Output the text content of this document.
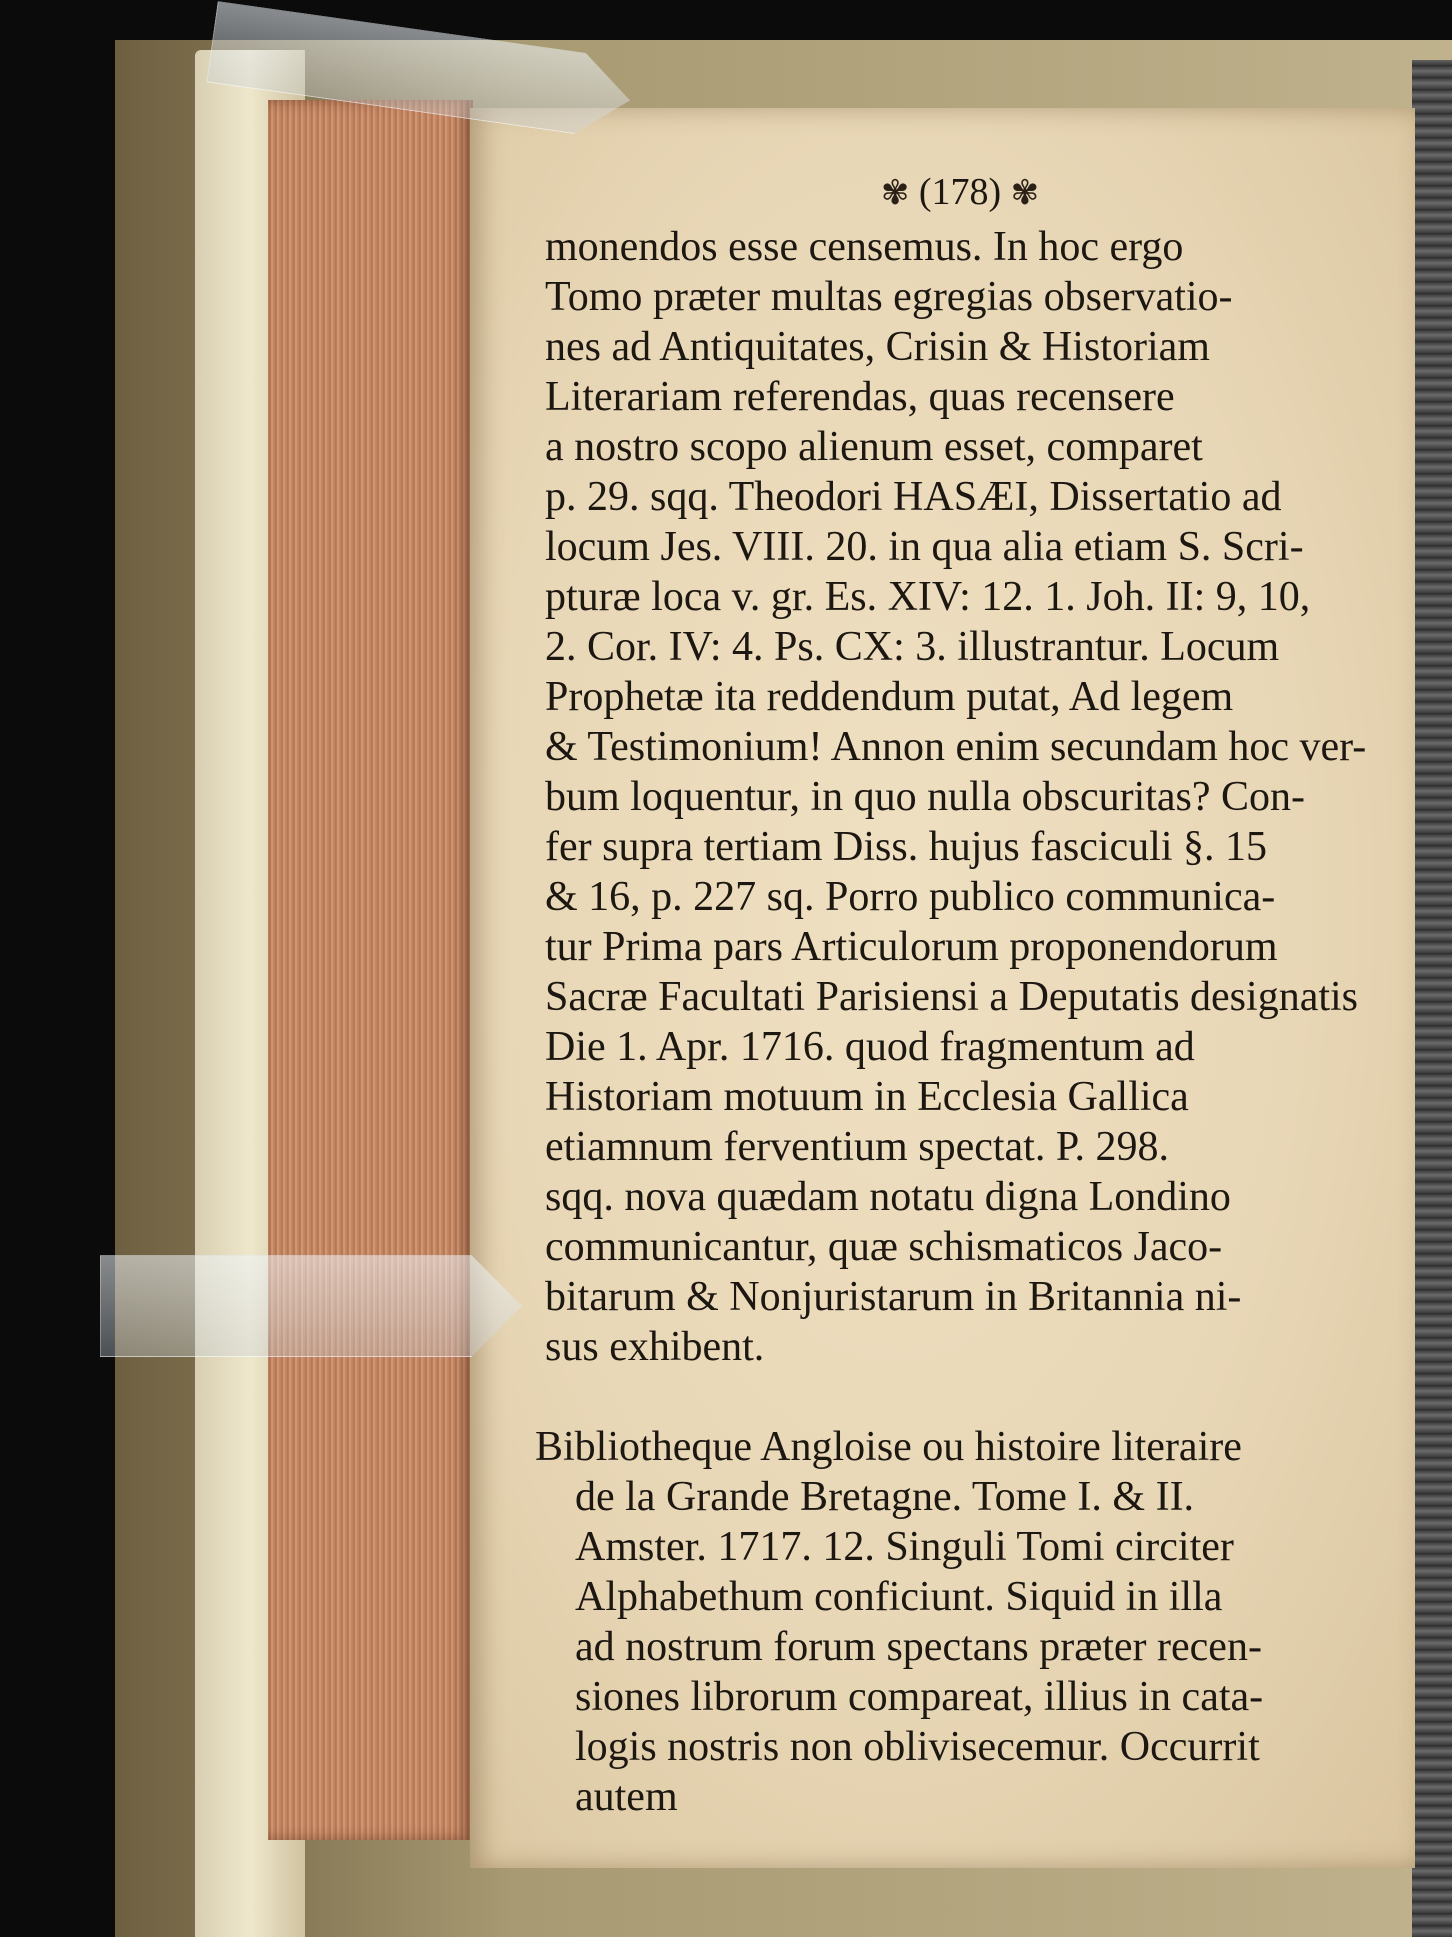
✾ (178) ✾
monendos esse censemus. In hoc ergo
Tomo præter multas egregias observatio-
nes ad Antiquitates, Crisin & Historiam
Literariam referendas, quas recensere
a nostro scopo alienum esset, comparet
p. 29. sqq. Theodori HASÆI, Dissertatio ad
locum Jes. VIII. 20. in qua alia etiam S. Scri-
pturæ loca v. gr. Es. XIV: 12. 1. Joh. II: 9, 10,
2. Cor. IV: 4. Ps. CX: 3. illustrantur. Locum
Prophetæ ita reddendum putat, Ad legem
& Testimonium! Annon enim secundam hoc ver-
bum loquentur, in quo nulla obscuritas? Con-
fer supra tertiam Diss. hujus fasciculi §. 15
& 16, p. 227 sq. Porro publico communica-
tur Prima pars Articulorum proponendorum
Sacræ Facultati Parisiensi a Deputatis designatis
Die 1. Apr. 1716. quod fragmentum ad
Historiam motuum in Ecclesia Gallica
etiamnum ferventium spectat. P. 298.
sqq. nova quædam notatu digna Londino
communicantur, quæ schismaticos Jaco-
bitarum & Nonjuristarum in Britannia ni-
sus exhibent.
Bibliotheque Angloise ou histoire literaire
de la Grande Bretagne. Tome I. & II.
Amster. 1717. 12. Singuli Tomi circiter
Alphabethum conficiunt. Siquid in illa
ad nostrum forum spectans præter recen-
siones librorum compareat, illius in cata-
logis nostris non oblivisecemur. Occurrit
autem
